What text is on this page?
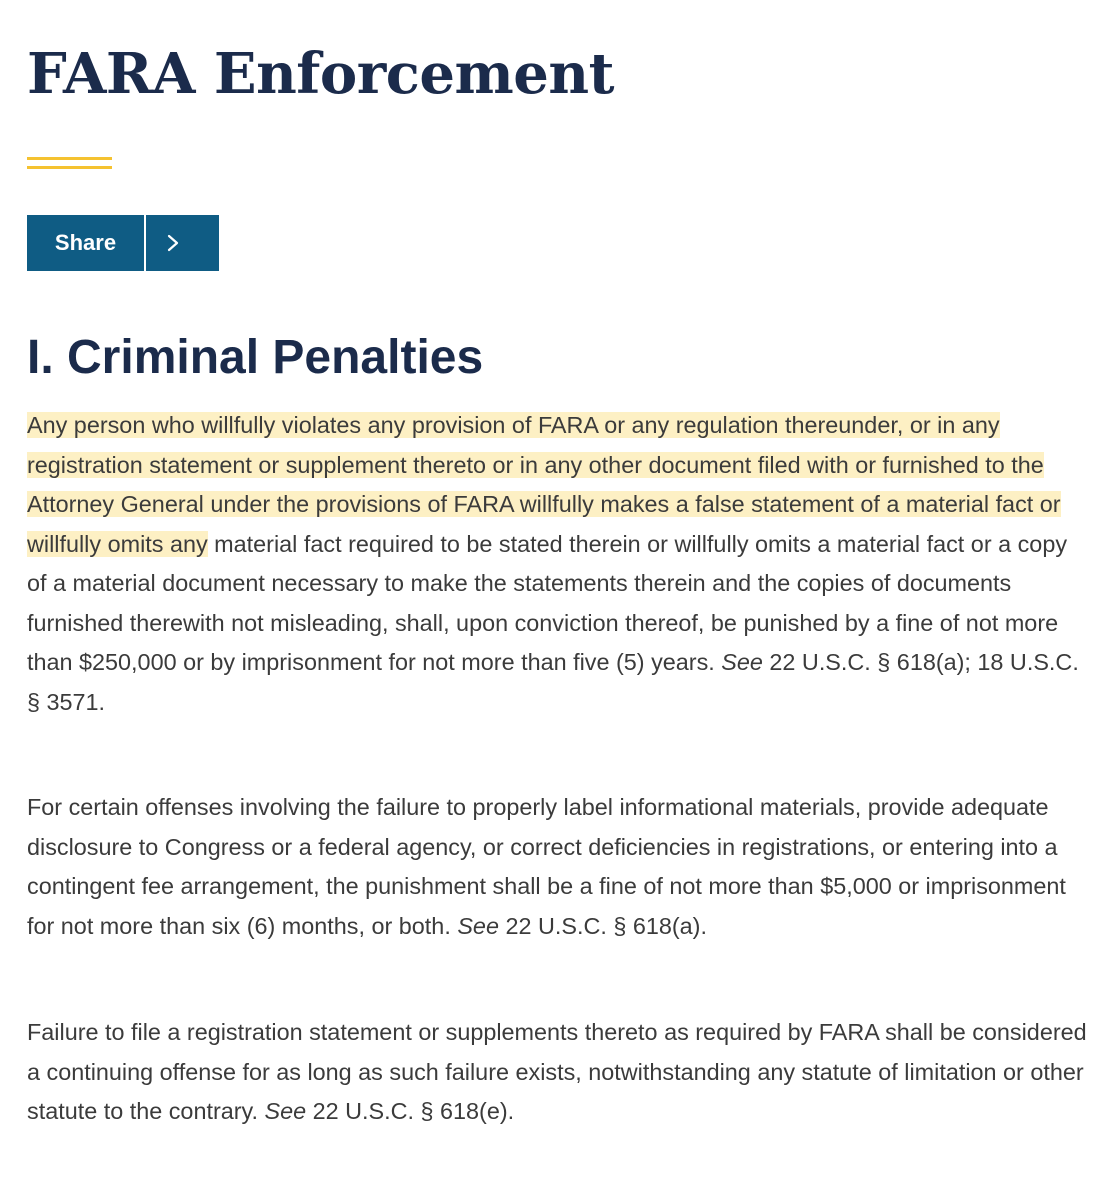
FARA Enforcement
Share
I. Criminal Penalties

Any person who willfully violates any provision of FARA or any regulation thereunder, or in any registration statement or supplement thereto or in any other document filed with or furnished to the Attorney General under the provisions of FARA willfully makes a false statement of a material fact or willfully omits any material fact required to be stated therein or willfully omits a material fact or a copy of a material document necessary to make the statements therein and the copies of documents furnished therewith not misleading, shall, upon conviction thereof, be punished by a fine of not more than $250,000 or by imprisonment for not more than five (5) years. See 22 U.S.C. § 618(a); 18 U.S.C. § 3571.

For certain offenses involving the failure to properly label informational materials, provide adequate disclosure to Congress or a federal agency, or correct deficiencies in registrations, or entering into a contingent fee arrangement, the punishment shall be a fine of not more than $5,000 or imprisonment for not more than six (6) months, or both. See 22 U.S.C. § 618(a).

Failure to file a registration statement or supplements thereto as required by FARA shall be considered a continuing offense for as long as such failure exists, notwithstanding any statute of limitation or other statute to the contrary. See 22 U.S.C. § 618(e).
